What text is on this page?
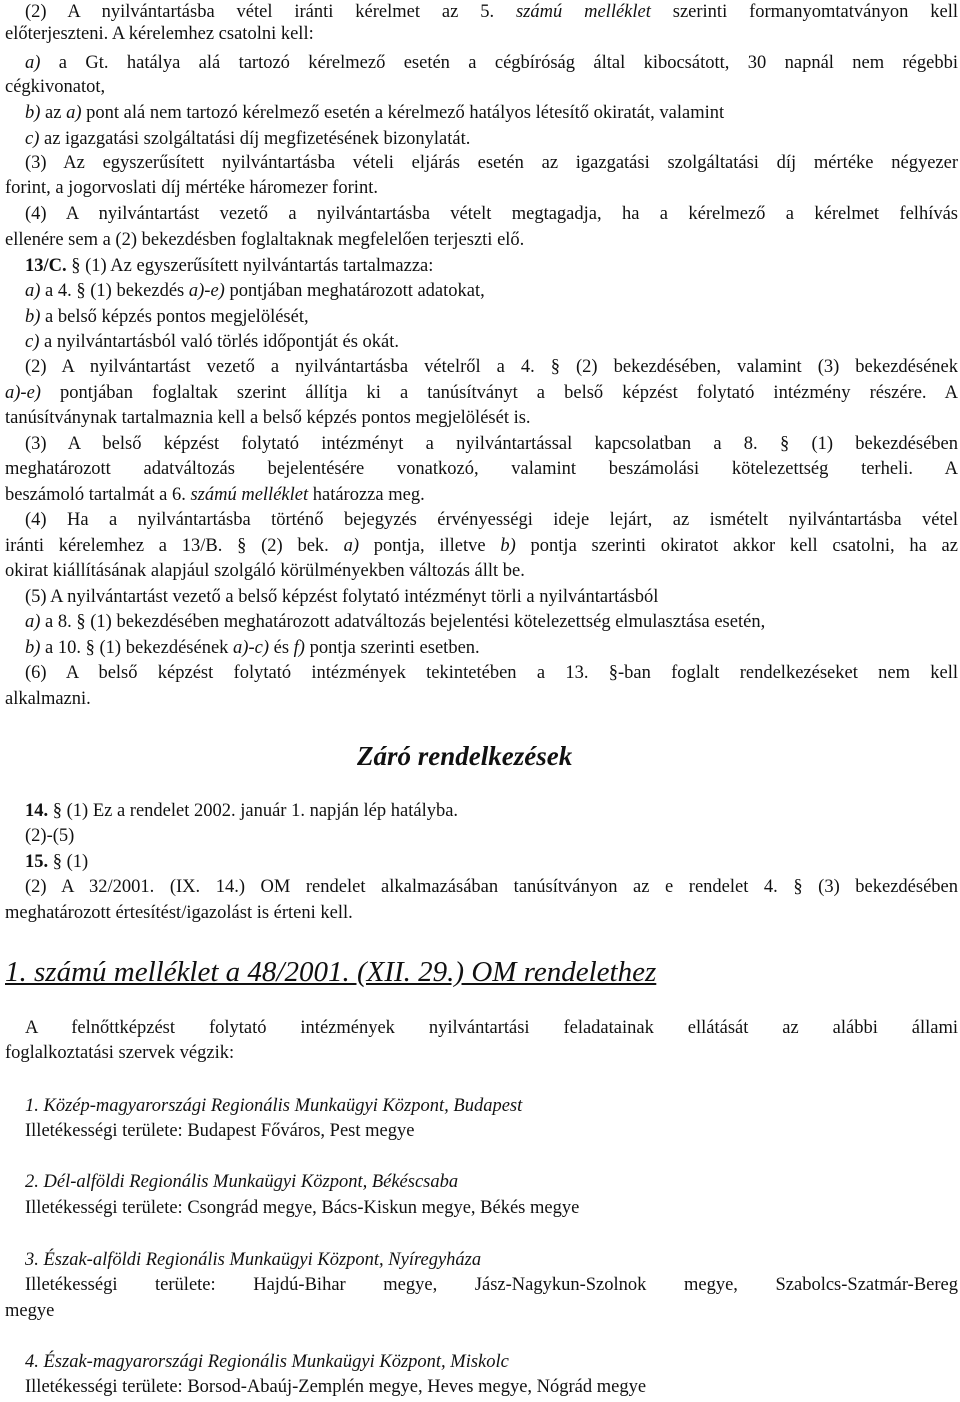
(2) A nyilvántartásba vétel iránti kérelmet az 5. számú melléklet szerinti formanyomtatványon kell
előterjeszteni. A kérelemhez csatolni kell:
a) a Gt. hatálya alá tartozó kérelmező esetén a cégbíróság által kibocsátott, 30 napnál nem régebbi
cégkivonatot,
b) az a) pont alá nem tartozó kérelmező esetén a kérelmező hatályos létesítő okiratát, valamint
c) az igazgatási szolgáltatási díj megfizetésének bizonylatát.
(3) Az egyszerűsített nyilvántartásba vételi eljárás esetén az igazgatási szolgáltatási díj mértéke négyezer
forint, a jogorvoslati díj mértéke háromezer forint.
(4) A nyilvántartást vezető a nyilvántartásba vételt megtagadja, ha a kérelmező a kérelmet felhívás
ellenére sem a (2) bekezdésben foglaltaknak megfelelően terjeszti elő.
13/C. § (1) Az egyszerűsített nyilvántartás tartalmazza:
a) a 4. § (1) bekezdés a)-e) pontjában meghatározott adatokat,
b) a belső képzés pontos megjelölését,
c) a nyilvántartásból való törlés időpontját és okát.
(2) A nyilvántartást vezető a nyilvántartásba vételről a 4. § (2) bekezdésében, valamint (3) bekezdésének
a)-e) pontjában foglaltak szerint állítja ki a tanúsítványt a belső képzést folytató intézmény részére. A
tanúsítványnak tartalmaznia kell a belső képzés pontos megjelölését is.
(3) A belső képzést folytató intézményt a nyilvántartással kapcsolatban a 8. § (1) bekezdésében
meghatározott adatváltozás bejelentésére vonatkozó, valamint beszámolási kötelezettség terheli. A
beszámoló tartalmát a 6. számú melléklet határozza meg.
(4) Ha a nyilvántartásba történő bejegyzés érvényességi ideje lejárt, az ismételt nyilvántartásba vétel
iránti kérelemhez a 13/B. § (2) bek. a) pontja, illetve b) pontja szerinti okiratot akkor kell csatolni, ha az
okirat kiállításának alapjául szolgáló körülményekben változás állt be.
(5) A nyilvántartást vezető a belső képzést folytató intézményt törli a nyilvántartásból
a) a 8. § (1) bekezdésében meghatározott adatváltozás bejelentési kötelezettség elmulasztása esetén,
b) a 10. § (1) bekezdésének a)-c) és f) pontja szerinti esetben.
(6) A belső képzést folytató intézmények tekintetében a 13. §-ban foglalt rendelkezéseket nem kell
alkalmazni.
Záró rendelkezések
14. § (1) Ez a rendelet 2002. január 1. napján lép hatályba.
(2)-(5)
15. § (1)
(2) A 32/2001. (IX. 14.) OM rendelet alkalmazásában tanúsítványon az e rendelet 4. § (3) bekezdésében
meghatározott értesítést/igazolást is érteni kell.
1. számú melléklet a 48/2001. (XII. 29.) OM rendelethez
A felnőttképzést folytató intézmények nyilvántartási feladatainak ellátását az alábbi állami
foglalkoztatási szervek végzik:
1. Közép-magyarországi Regionális Munkaügyi Központ, Budapest
Illetékességi területe: Budapest Főváros, Pest megye
2. Dél-alföldi Regionális Munkaügyi Központ, Békéscsaba
Illetékességi területe: Csongrád megye, Bács-Kiskun megye, Békés megye
3. Észak-alföldi Regionális Munkaügyi Központ, Nyíregyháza
Illetékességi területe: Hajdú-Bihar megye, Jász-Nagykun-Szolnok megye, Szabolcs-Szatmár-Bereg
megye
4. Észak-magyarországi Regionális Munkaügyi Központ, Miskolc
Illetékességi területe: Borsod-Abaúj-Zemplén megye, Heves megye, Nógrád megye
